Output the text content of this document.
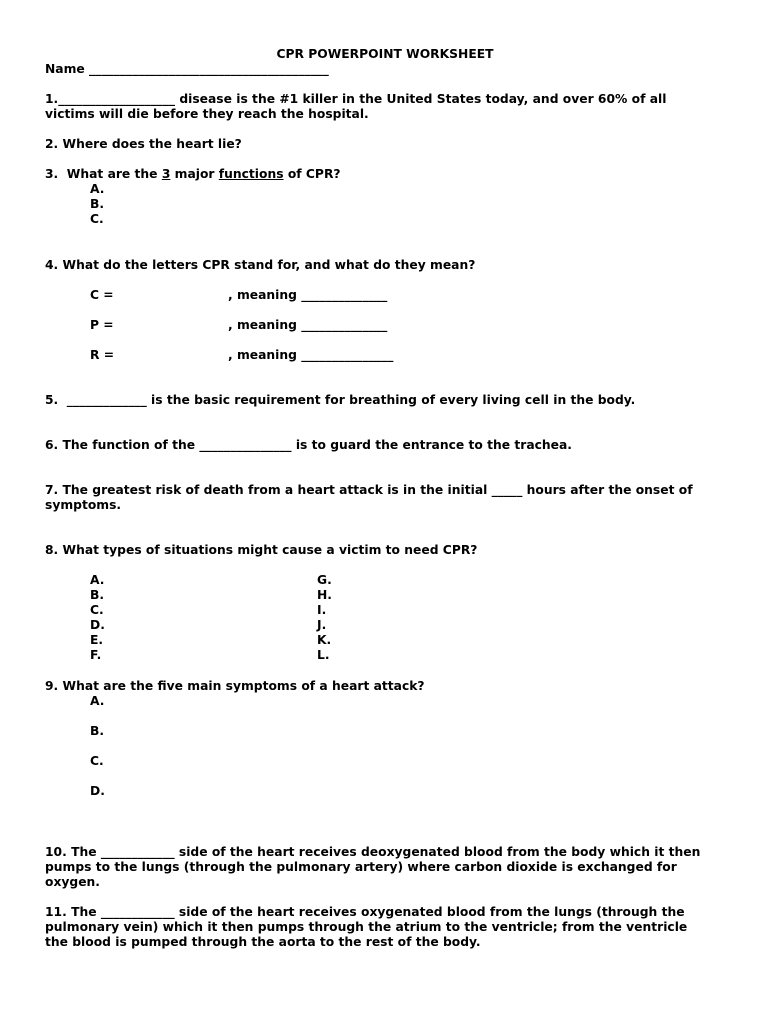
CPR POWERPOINT WORKSHEET
Name _______________________________________
1.___________________ disease is the #1 killer in the United States today, and over 60% of all
victims will die before they reach the hospital.
2. Where does the heart lie?
3.  What are the 3 major functions of CPR?
A.
B.
C.
4. What do the letters CPR stand for, and what do they mean?
C =	, meaning ______________
P =	, meaning ______________
R =	, meaning _______________
5.  _____________ is the basic requirement for breathing of every living cell in the body.
6. The function of the _______________ is to guard the entrance to the trachea.
7. The greatest risk of death from a heart attack is in the initial _____ hours after the onset of
symptoms.
8. What types of situations might cause a victim to need CPR?
A.
B.
C.
D.
E.
F.
G.
H.
I.
J.
K.
L.
9. What are the five main symptoms of a heart attack?
A.
B.
C.
D.
10. The ____________ side of the heart receives deoxygenated blood from the body which it then
pumps to the lungs (through the pulmonary artery) where carbon dioxide is exchanged for
oxygen.
11. The ____________ side of the heart receives oxygenated blood from the lungs (through the
pulmonary vein) which it then pumps through the atrium to the ventricle; from the ventricle
the blood is pumped through the aorta to the rest of the body.
